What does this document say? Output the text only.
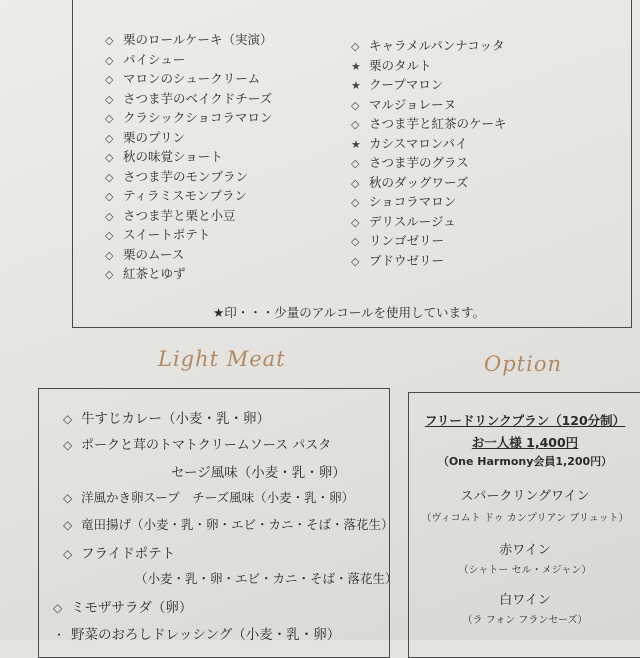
◇ 栗のロールケーキ（実演）
◇ パイシュー
◇ マロンのシュークリーム
◇ さつま芋のベイクドチーズ
◇ クラシックショコラマロン
◇ 栗のプリン
◇ 秋の味覚ショート
◇ さつま芋のモンブラン
◇ ティラミスモンブラン
◇ さつま芋と栗と小豆
◇ スイートポテト
◇ 栗のムース
◇ 紅茶とゆず
◇ キャラメルパンナコッタ
★ 栗のタルト
★ クープマロン
◇ マルジョレーヌ
◇ さつま芋と紅茶のケーキ
★ カシスマロンパイ
◇ さつま芋のグラス
◇ 秋のダッグワーズ
◇ ショコラマロン
◇ デリスルージュ
◇ リンゴゼリー
◇ ブドウゼリー
★印・・・少量のアルコールを使用しています。
Light Meat	Option
◇ 牛すじカレー（小麦・乳・卵）
◇ ポークと茸のトマトクリームソース パスタ
セージ風味（小麦・乳・卵）
◇ 洋風かき卵スープ　チーズ風味（小麦・乳・卵）
◇ 竜田揚げ（小麦・乳・卵・エビ・カニ・そば・落花生）
◇ フライドポテト
（小麦・乳・卵・エビ・カニ・そば・落花生）
◇ ミモザサラダ（卵）
・ 野菜のおろしドレッシング（小麦・乳・卵）
フリードリンクプラン（120分制）
お一人様 1,400円
（One Harmony会員1,200円）
スパークリングワイン
（ヴィコムト ドゥ カンプリアン ブリュット）
赤ワイン
（シャトー セル・メジャン）
白ワイン
（ラ フォン フランセーズ）
